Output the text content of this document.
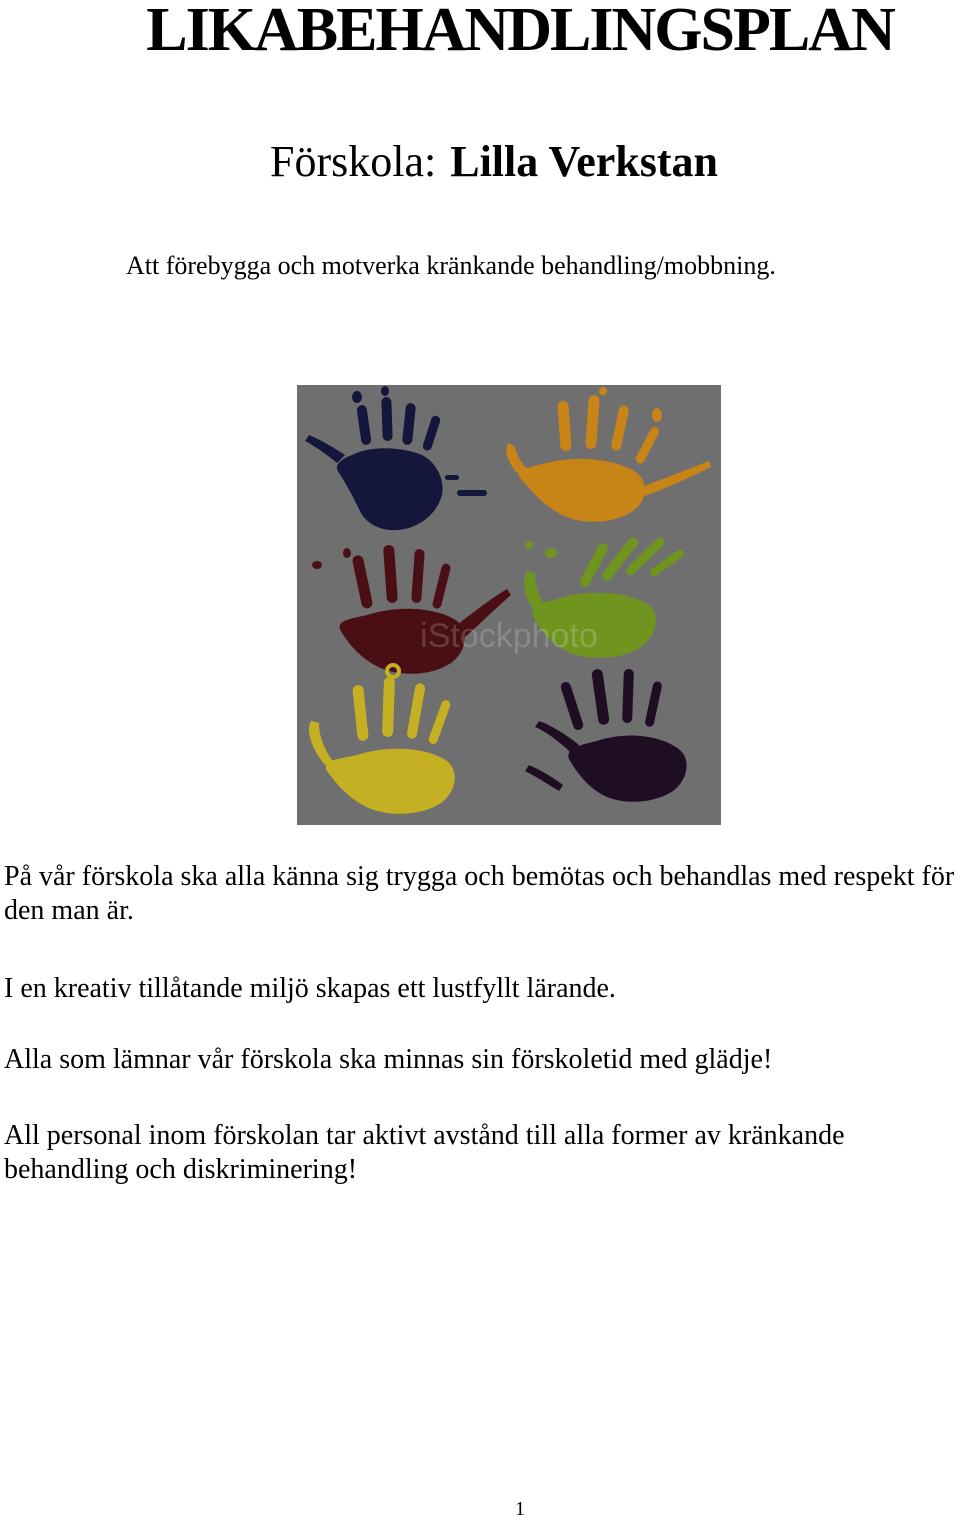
LIKABEHANDLINGSPLAN
Förskola: Lilla Verkstan
Att förebygga och motverka kränkande behandling/mobbning.
iStockphoto

På vår förskola ska alla känna sig trygga och bemötas och behandlas med respekt för den man är.

I en kreativ tillåtande miljö skapas ett lustfyllt lärande.

Alla som lämnar vår förskola ska minnas sin förskoletid med glädje!

All personal inom förskolan tar aktivt avstånd till alla former av kränkande behandling och diskriminering!

1
